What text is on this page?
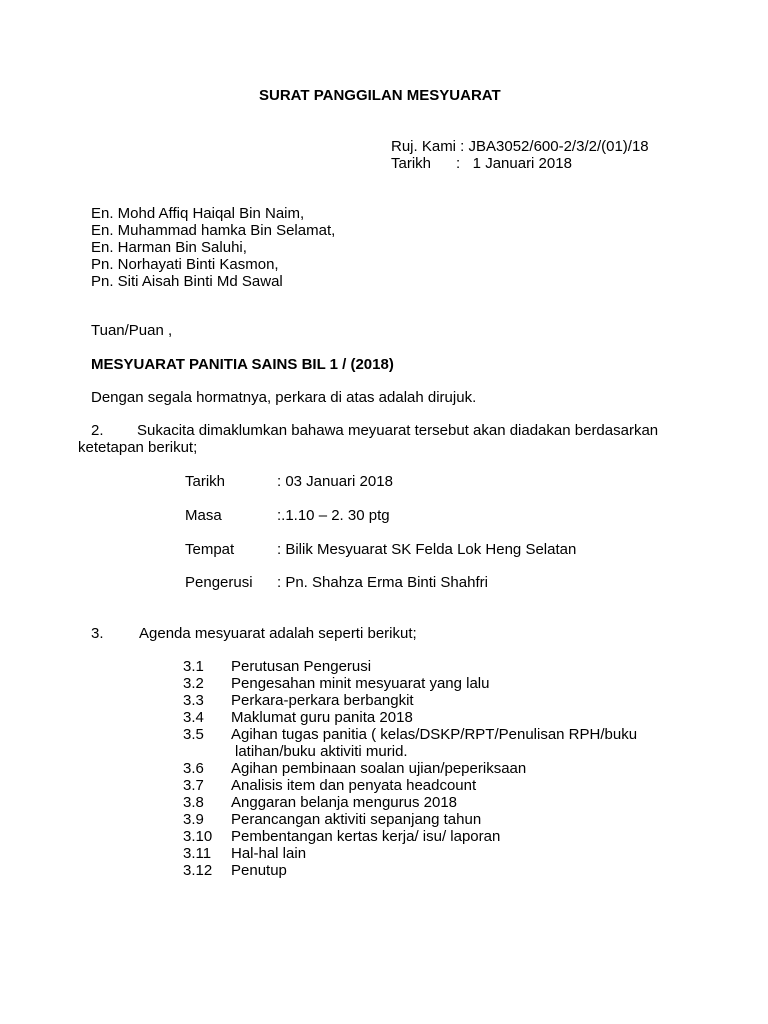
SURAT PANGGILAN MESYUARAT
Ruj. Kami : JBA3052/600-2/3/2/(01)/18
Tarikh      :   1 Januari 2018
En. Mohd Affiq Haiqal Bin Naim,
En. Muhammad hamka Bin Selamat,
En. Harman Bin Saluhi,
Pn. Norhayati Binti Kasmon,
Pn. Siti Aisah Binti Md Sawal
Tuan/Puan ,
MESYUARAT PANITIA SAINS BIL 1 / (2018)
Dengan segala hormatnya, perkara di atas adalah dirujuk.
2. Sukacita dimaklumkan bahawa meyuarat tersebut akan diadakan berdasarkan
ketetapan berikut;
Tarikh	: 03 Januari 2018
Masa	:.1.10 – 2. 30 ptg
Tempat	: Bilik Mesyuarat SK Felda Lok Heng Selatan
Pengerusi : Pn. Shahza Erma Binti Shahfri
3. Agenda mesyuarat adalah seperti berikut;
3.1 Perutusan Pengerusi
3.2 Pengesahan minit mesyuarat yang lalu
3.3 Perkara-perkara berbangkit
3.4 Maklumat guru panita 2018
3.5 Agihan tugas panitia ( kelas/DSKP/RPT/Penulisan RPH/buku
latihan/buku aktiviti murid.
3.6 Agihan pembinaan soalan ujian/peperiksaan
3.7 Analisis item dan penyata headcount
3.8 Anggaran belanja mengurus 2018
3.9 Perancangan aktiviti sepanjang tahun
3.10 Pembentangan kertas kerja/ isu/ laporan
3.11 Hal-hal lain
3.12 Penutup
